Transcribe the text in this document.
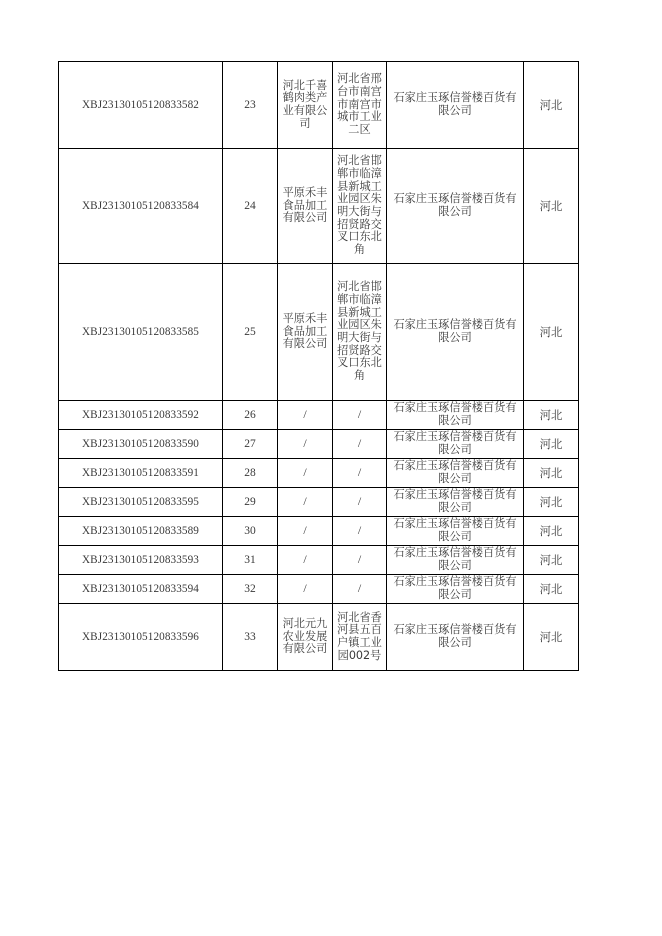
XBJ23130105120833582	23	河北千喜鹤肉类产业有限公司	河北省邢台市南宫市南宫市城市工业二区	石家庄玉琢信誉楼百货有限公司	河北
XBJ23130105120833584	24	平原禾丰食品加工有限公司	河北省邯郸市临漳县新城工业园区朱明大街与招贤路交叉口东北角	石家庄玉琢信誉楼百货有限公司	河北
XBJ23130105120833585	25	平原禾丰食品加工有限公司	河北省邯郸市临漳县新城工业园区朱明大街与招贤路交叉口东北角	石家庄玉琢信誉楼百货有限公司	河北
XBJ23130105120833592	26	/	/	石家庄玉琢信誉楼百货有限公司	河北
XBJ23130105120833590	27	/	/	石家庄玉琢信誉楼百货有限公司	河北
XBJ23130105120833591	28	/	/	石家庄玉琢信誉楼百货有限公司	河北
XBJ23130105120833595	29	/	/	石家庄玉琢信誉楼百货有限公司	河北
XBJ23130105120833589	30	/	/	石家庄玉琢信誉楼百货有限公司	河北
XBJ23130105120833593	31	/	/	石家庄玉琢信誉楼百货有限公司	河北
XBJ23130105120833594	32	/	/	石家庄玉琢信誉楼百货有限公司	河北
XBJ23130105120833596	33	河北元九农业发展有限公司	河北省香河县五百户镇工业园002号	石家庄玉琢信誉楼百货有限公司	河北
